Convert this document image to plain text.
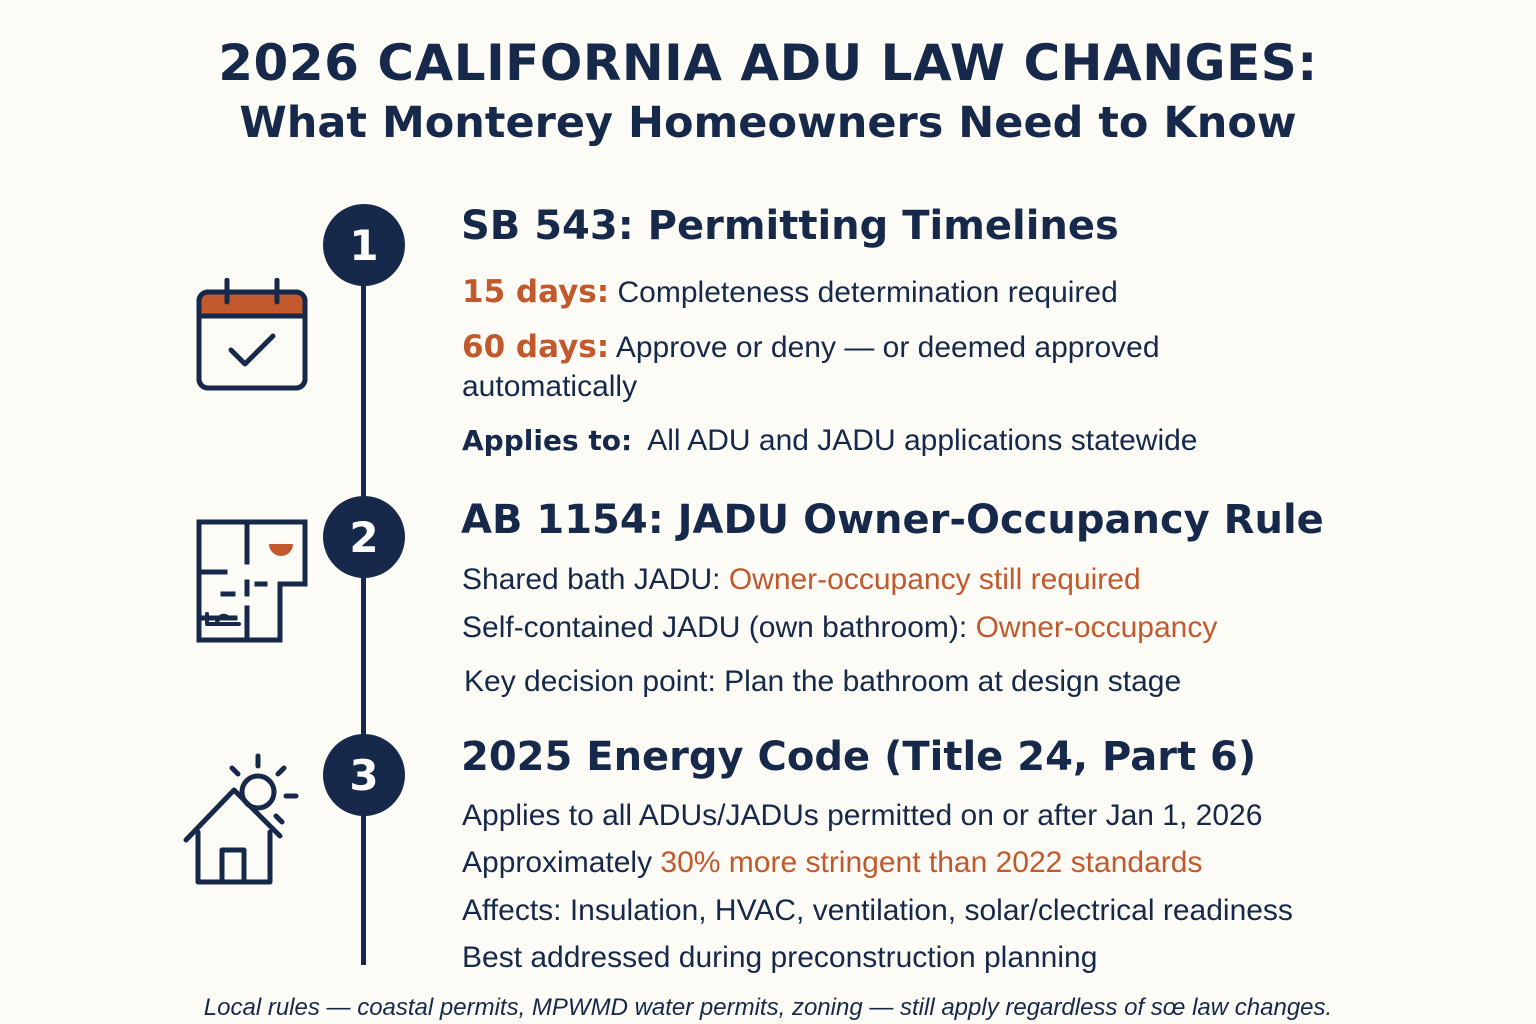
2026 CALIFORNIA ADU LAW CHANGES:
What Monterey Homeowners Need to Know
1	SB 543: Permitting Timelines
15 days: Completeness determination required
60 days: Approve or deny — or deemed approved
automatically
Applies to: All ADU and JADU applications statewide
2	AB 1154: JADU Owner-Occupancy Rule
Shared bath JADU: Owner-occupancy still required
Self-contained JADU (own bathroom): Owner-occupancy
Key decision point: Plan the bathroom at design stage
3	2025 Energy Code (Title 24, Part 6)
Applies to all ADUs/JADUs permitted on or after Jan 1, 2026
Approximately 30% more stringent than 2022 standards
Affects: Insulation, HVAC, ventilation, solar/clectrical readiness
Best addressed during preconstruction planning
Local rules — coastal permits, MPWMD water permits, zoning — still apply regardless of sœ law changes.
